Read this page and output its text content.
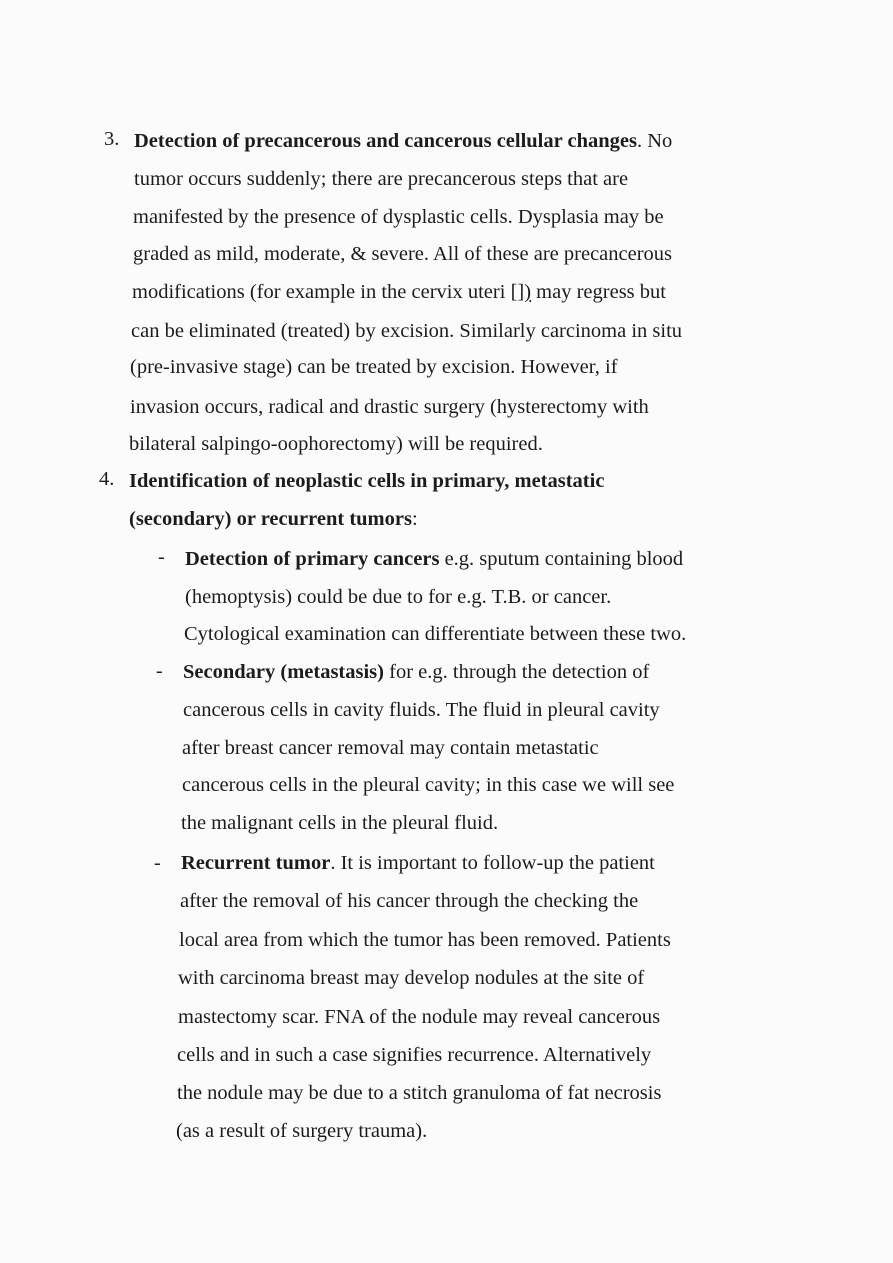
3. Detection of precancerous and cancerous cellular changes. No
tumor occurs suddenly; there are precancerous steps that are
manifested by the presence of dysplastic cells. Dysplasia may be
graded as mild, moderate, & severe. All of these are precancerous
modifications (for example in the cervix uteri []) may regress but
can be eliminated (treated) by excision. Similarly carcinoma in situ
(pre-invasive stage) can be treated by excision. However, if
invasion occurs, radical and drastic surgery (hysterectomy with
bilateral salpingo-oophorectomy) will be required.
4. Identification of neoplastic cells in primary, metastatic
(secondary) or recurrent tumors:
- Detection of primary cancers e.g. sputum containing blood
(hemoptysis) could be due to for e.g. T.B. or cancer.
Cytological examination can differentiate between these two.
- Secondary (metastasis) for e.g. through the detection of
cancerous cells in cavity fluids. The fluid in pleural cavity
after breast cancer removal may contain metastatic
cancerous cells in the pleural cavity; in this case we will see
the malignant cells in the pleural fluid.
- Recurrent tumor. It is important to follow-up the patient
after the removal of his cancer through the checking the
local area from which the tumor has been removed. Patients
with carcinoma breast may develop nodules at the site of
mastectomy scar. FNA of the nodule may reveal cancerous
cells and in such a case signifies recurrence. Alternatively
the nodule may be due to a stitch granuloma of fat necrosis
(as a result of surgery trauma).
